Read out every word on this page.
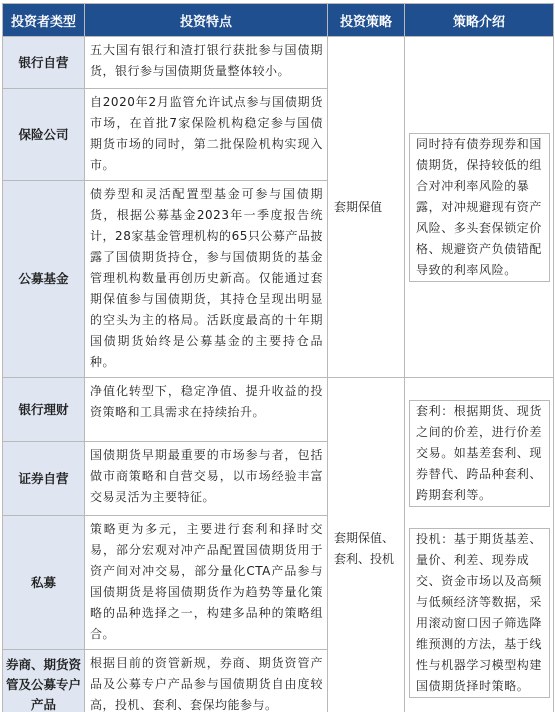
投资者类型	投资特点	投资策略	策略介绍
银行自营	五大国有银行和渣打银行获批参与国债期货，银行参与国债期货量整体较小。	套期保值	同时持有债券现券和国债期货，保持较低的组合对冲利率风险的暴露，对冲规避现有资产风险、多头套保锁定价格、规避资产负债错配导致的利率风险。

保险公司	自2020年2月监管允许试点参与国债期货市场，在首批7家保险机构稳定参与国债期货市场的同时，第二批保险机构实现入市。		
公募基金	债券型和灵活配置型基金可参与国债期货，根据公募基金2023年一季度报告统计，28家基金管理机构的65只公募产品披露了国债期货持仓，参与国债期货的基金管理机构数量再创历史新高。仅能通过套期保值参与国债期货，其持仓呈现出明显的空头为主的格局。活跃度最高的十年期国债期货始终是公募基金的主要持仓品种。		
银行理财	净值化转型下，稳定净值、提升收益的投资策略和工具需求在持续抬升。	套期保值、套利、投机	套利：根据期货、现货之间的价差，进行价差交易。如基差套利、现券替代、跨品种套利、跨期套利等。
投机：基于期货基差、量价、利差、现券成交、资金市场以及高频与低频经济等数据，采用滚动窗口因子筛选降维预测的方法，基于线性与机器学习模型构建国债期货择时策略。

证券自营	国债期货早期最重要的市场参与者，包括做市商策略和自营交易，以市场经验丰富交易灵活为主要特征。		
私募	策略更为多元，主要进行套利和择时交易，部分宏观对冲产品配置国债期货用于资产间对冲交易，部分量化CTA产品参与国债期货是将国债期货作为趋势等量化策略的品种选择之一，构建多品种的策略组合。		
券商、期货资管及公募专户产品	根据目前的资管新规，券商、期货资管产品及公募专户产品参与国债期货自由度较高，投机、套利、套保均能参与。		
